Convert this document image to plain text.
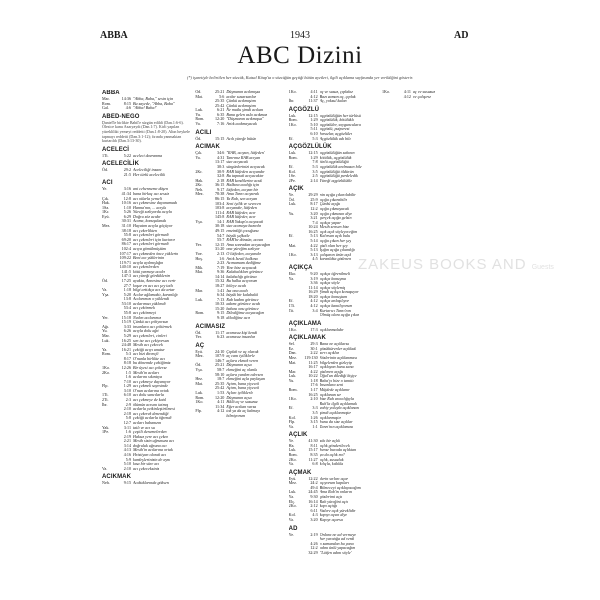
ABBA	1943	AD
ABC Dizini
(*) işaretiyle belirtilen her sözcük, Kutsal Kitap'ta o sözcüğün geçtiği bütün ayetleri, ilgili açıklama sayfasında yer verildiğini gösterir.
ABBA
Mar.	14:36 "Abba, Baba," sesin için
Rom.	8:15 Bu sayede, "Abba, Baba"
Gal.	4:6 "Abba! Baba!"
ABED-NEGO
Daniel'le birlikte Babil'e sürgün edildi (Dan.1:6-6). Ölesice kamı Azaryaydı (Dan.1:7). Kirli yapılan yüreklilikt yemeyi reddetti (Dan.1:8-20). Altın heykele tapmayı reddetti (Dan.3:1-12); fırında yanmaktan kurtarıldı (Dan.3:13-30).
ACELECİ
1Ti.	5:22 aceleci davranma
ACELECİLİK
Öd.	29:2 Aceleciliği insanı
21:5 Her türlü acelecilik
ACI
Ye.	3:16 ani cehenneme düşen
41:34 bana birkaç acı sessiz
Çık.	12:8 acı otlarla yemeli
Hak.	10:16 acı çekmesine dayanamadı
1Sa.	1:10 Hanna'nın, ... acıyla
1Kr.	5:26 Yüreği sızlıyordu acıyla
Eyü.	6:29 Doğru söz acıdır
30:31 Acıma, konuşulanda
Mez.	31:10 Hayatım acıyla göçüyor
38:18 acı çekerlikten
55:8 acı çekenleri görmedi
69:20 acı çekenleri için kurtarır
86:17 acı çekenleri görmedi
102:4 acıya gömülmüştüm
107:17 acı çekmeden önce yüklerin
109:22 Beni acı yüklerinin
119:71 acıyla ayılmışlığın
140:10 acı çekenlerden
141:5 kötü yarmayı acıdır
147:3 acı yüreği gördüklerim
Öd.	17:25 ayakta, Annesine acı verir
27:7 koşar en acı acı şey tatlı
Va.	1:18 bilgi arttıkça acı da artar
Yşa.	5:20 Acılar ağlamaktı, karanlığı
13:8 Acılarımızı o yüklendi
53:10 acılarımızı yüklendi
53:4 acı çektirmek
55:8 acı çektirmeyi
Yer.	15:18 Neden acılarımız
15:19 Çünkü acı çekiyorsun
Ağı.	3:33 insanlara acı çektirmek
Yu.	6:26 acıyla dolu ağıt
Mar.	5:29 acı çekenleri, cinleri
Luk.	16:25 sen ise acı çekiyorsun
24:48 Mesih acı çekecek
Ya.	16:21 çektiği acıyı unutur
Rom.	5:3 acı bizi dirençli
8:17 O'nunla birlikte acı
8:18 bu dönemde çektiğimiz
1Ko.	12:26 Bir üyesi acı çekerse
2Ko.	1:5 Mesih'in acıları
1:6 acılarını sıkıntıya
7:10 acı çekmeye dayanıyor
Flp.	1:29 acı çekmek sayesinde
3:10 O'nun acılarına ortak
1Ti.	6:10 acı dolu sancılarla
2Ti.	2:3 acı çekmeye de katıl
İbr.	2:9 ölümün acısını tatmış
2:10 acılarla yetkinleştirilmesi
2:18 acı çekerek denendiği
5:8 çektiği acılarla öğrendi
12:7 acıları babanızın
Yak.	3:11 tatlı ve acı su
1Pe.	1:6 çeşitli denemelerden
2:19 Haksız yere acı çeken
2:21 Mesih sizin uğrunuza acı
3:14 doğruluk uğruna acı
4:13 Mesih'in acılarına ortak
4:16 Hristiyan olarak acı
5:9 kardeşlerinizin de aynı
5:10 kısa bir süre acı
Va.	2:10 acı çekeceksiniz
ACIKMAK
Neh.	9:15 Acıktıklarında göksen
Öd.	25:21 Düşmanın acıkmışsa
Mat.	5:6 acıkır susarsanlar
25:35 Çünkü acıkmıştım
25:42 Çünkü acıkmıştım
Luk.	6:21 Ne mutlu şimdi acıkan
Yu.	6:35 Bana gelen asla acıkmaz
Rom.	12:20 "Düşmanın acıkmışsa"
Va.	7:16 Artık acıkmayacak
ACILI
Öd.	15:15 Acılı yüreğe bütün
ACIMAK
Çık.	34:6 "RAB, acıyan, lütfeden"
Ya.	4:31 Tanrınız RAB acıyan
13:17 size acıyacak
30:3 sürgünlerinizi acıyacak
2Kr.	30:9 RAB lütfeden acıyandır
32:8 Bu tapınak acıyacaktır
Hak.	2:18 RAB kendilerine acıdı
2Kr.	36:15 Halkına acıdığı için
Neh.	9:17 lütfeden, acıyan bir
Mez.	78:38 Ama Tanrı acıyarak
86:15 Ya Rab, sen acıyan
103:4 Seni iyilik ve sevecen
103:8 acıyandır, lütfeden
111:4 RAB lütfeder, acır
145:8 RAB lütfeder, acır
Yşa.	14:1 RAB Yakup'a acıyacak
30:18 size acımaya hazırdır
49:15 emzirdiği çocuğunu
54:7 büyük şefkatle
55:7 RAB'be dönsün, acısın
Yer.	12:15 Ama sonradan acıyacağım
31:20 ona yüreğim sızlıyor
Yoe.	2:13 O lütfeden, acıyandır
Hoş.	1:6 Artık İsrail halkına
2:23 Acımamam dediğime
Mik.	7:19 Yine bize acıyacak
Mat.	9:36 Kalabalıkları görünce
14:14 kalabalığı görünce
15:32 Bu halka acıyorum
18:27 köleye acıdı
Mar.	1:41 İsa ona acıdı
6:34 büyük bir kalabalık
Luk.	7:13 Rab kadını görünce
10:33 adamı görünce acıdı
15:20 babası onu görünce
Rom.	9:15 Dilediğime acıyacağım
9:18 dilediğine acır
ACIMASIZ
Öd.	11:17 acımasız kişi kendi
Yer.	6:23 acımasız insanlar
AÇ
Eyü.	24:10 Çıplak ve aç olarak
Mez.	107:9 aç canı iyiliklerle
146:7 açlara ekmek veren
Öd.	25:21 Düşmanın açsa
Yşa.	58:7 ekmeğini aç olanla
58:10 açlara yardım edersen
Hez.	18:7 ekmeğini açla paylaşan
Mat.	25:35 Açtım, bana yiyecek
25:42 Açtım, bana yiyecek
Luk.	1:53 Açları iyiliklerle
Rom.	12:20 Düşmanın açsa
1Ko.	4:11 Hâlâ aç ve susuzuz
11:34 Eğer acıkan varsa
Flp.	4:12 tok ya da aç kalmayı
bilmiyorum
1Ko.	4:11 aç ve susuz, çıplakız
4:12 Bazı zaman aç, çıplak
İbr.	11:37 Aç, yoksul kalan
AÇGÖZLÜ
Luk.	12:15 açgözlülüğün her türlüsü
Rom.	1:29 açgözlülük, kötülükle
1Ko.	5:10 açgözlüler, soygunculara
5:11 açgözlü, putperest
6:10 hırsızlar, açgözlüler
Ef.	5:3 Açgözlülük adı bile
AÇGÖZLÜLÜK
Luk.	12:15 açgözlülüğün sakının
Rom.	1:29 kötülük, açgözlülük
7:8 türlü açgözlülüğü
Ef.	5:3 açgözlülük anılmasın bile
Kol.	3:5 açgözlülüğü öldürün
1Se.	2:5 açgözlülüğü perdeledik
2Pe.	2:14 Yüreği açgözlülükle
AÇIK
Ye.	29:29 nin açığa çıkarılabilir
Öd.	25:9 açığa çıkarabilir
Luk.	8:17 Çünkü açığa
12:2 açığa çıkmayacak
Yu.	3:20 açığa çıkmasın diye
3:21 gerçek açığa gelsin
7:4 açıkça yapar
10:24 Mesih sensen bize
16:25 açık açık söyleyeceğim
Ef.	5:13 Kalırsan açık bulu
5:14 açığa çıkan her şey
Mat.	4:22 gizli olan her şey
5:13 Işığın açığa çıkardığı
1Ko.	3:13 çalışanın ürün açık
4:5 karanlıkta gizlenen
AÇIKÇA
Eko.	9:20 açıkça öğrenilmeli
Ya.	3:19 açıkça konuşma
3:36 açıkça söyle
11:14 açıkça söylemiş
16:29 Şimdi açıkça konuşuyor
18:20 açıkça konuştum
Ef.	4:12 açıkça anlaşılıyor
1Ti.	4:12 açıkça kanıtlıyorum
Tit.	3:4 Kurtarıcı Tanrı'nın
Ölmüş olanı açığa çıkar
AÇIKLAMA
1Ko.	17:3 açıklanmalıdır
AÇIKLAMAK
Sel.	29:3 Bana ne açıklarsa
Ez.	30:1 gözüktürenler açıkladı
Dan.	2:22 sırrı açıklar
Mez.	119:130 Sözlerinin açıklanması
Mat.	11:25 bilgelerden gizleyip
16:17 açıklayan bunu sana
Mar.	4:22 gizlenen açığa
Luk.	10:22 Oğul'un dilediği kişiye
Yu.	1:18 Baba'yı bize o tanıttı
17:6 İnsanlara seni
Rom.	1:17 Müjdede açıklanır
16:25 açıklanan sır
1Ko.	2:10 bize Ruh aracılığıyla
Ruh'la ilgili açıklamak
Ef.	3:3 vahiy yoluyla açıklanan
3:5 şimdi açıklanmıştır
Kol.	1:26 açıklanmıştır
Flp.	3:15 bunu da size açıklar
Va.	1:1 Tanrı'nın açıklaması
AÇLIK
Ye.	41:30 sıkı bir açlık
Ha.	8:11 açlık gönderilecek
Luk.	15:17 bense burada açlıktan
Rom.	8:35 ya da açlık mı?
2Ko.	11:27 açlık, susuzluk
Va.	6:8 kılıçla, kıtlıkla
AÇMAK
Eyü.	12:22 derin sırları açar
Mez.	24:2 açıyorum kapıları
49:4 Bilmeceyi açıklayacağım
Luk.	24:45 Ama Rab'in onların
Ya.	9:30 gözlerimi açtı
Elç.	16:14 Rab yüreğini açtı
2Ko.	2:12 kapı açtığı
6:11 Sizlere açık yüreklidir
Kol.	4:3 kapıyı açsın diye
Va.	3:20 Kapıyı açarsa
AD
Ye.	2:19 Onlara ne ad vermeye
her yaratığa ad verdi
4:26 o zamandan bu yana
12:2 adını ünlü yapacağım
32:29 "Lütfen adını söyle"
1Ko.	4:11 aç ve susuzuz
4:12 ve çalışırız
ZAKEUS BOOKS AND Guests
